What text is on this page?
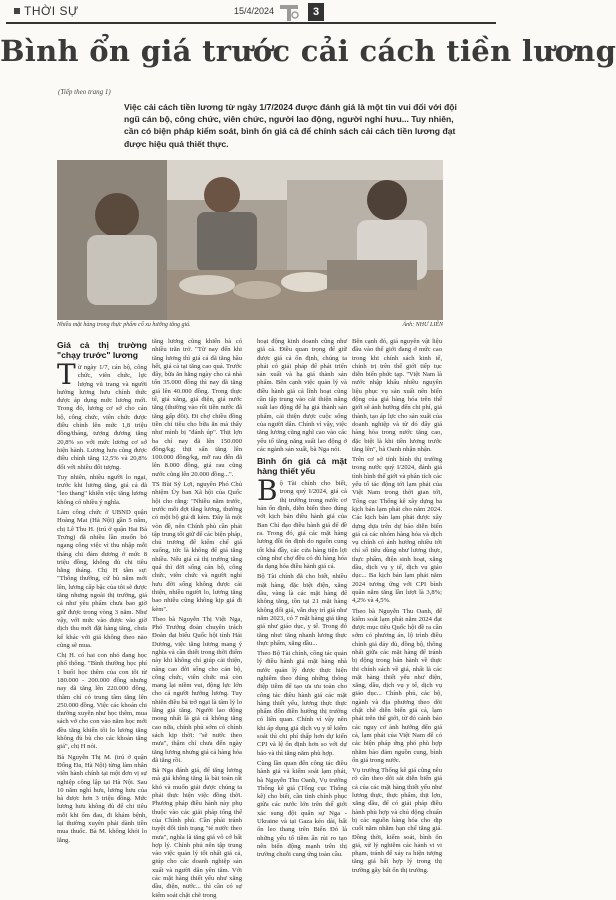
THỜI SỰ	15/4/2024	3
Bình ổn giá trước cải cách tiền lương
(Tiếp theo trang 1)
Việc cải cách tiền lương từ ngày 1/7/2024 được đánh giá là một tin vui đối với đội ngũ cán bộ, công chức, viên chức, người lao động, người nghỉ hưu... Tuy nhiên, cần có biện pháp kiểm soát, bình ổn giá cả để chính sách cải cách tiền lương đạt được hiệu quả thiết thực.
Nhiều mặt hàng trong thực phẩm cố xu hướng tăng giá.	Ảnh: NHƯ LIÊN
Giá cả thị trường "chạy trước" lương

Từ ngày 1/7, cán bộ, công chức, viên chức, lực lượng vũ trang và người hưởng lương hưu chính thức được áp dụng mức lương mới. Trong đó, lương cơ sở cho cán bộ, công chức, viên chức được điều chỉnh lên mức 1,8 triệu đồng/tháng, tương đương tăng 20,8% so với mức lương cơ sở hiện hành. Lương hưu cũng được điều chỉnh tăng 12,5% và 20,8% đối với nhiều đối tượng.

Tuy nhiên, nhiều người lo ngại, trước khi lương tăng, giá cả đã "leo thang" khiến việc tăng lương không có nhiều ý nghĩa.

Làm công chức ở UBND quận Hoàng Mai (Hà Nội) gần 5 năm, chị Lê Thu H. (trú ở quận Hai Bà Trưng) đã nhiều lần muốn bỏ ngang công việc vì thu nhập mỗi tháng chi đảm đương ở mức 8 triệu đồng, không đủ chi tiêu hằng tháng. Chị H tâm sự: "Thông thường, cứ bù năm mới lên, lương cấp bậc của tôi sẽ được tăng nhưng ngoài thị trường, giá cả như yêu phẩm chưa bao giờ giữ được trong vòng 3 năm. Như vậy, với mức vào được vào giờ dịch thu mới đặt hàng tăng, chưa kể khác với giá không theo nào cũng sẽ mua.

Chị H. có hai con nhỏ đang học phổ thông. "Bình thường học phí 1 buổi học thêm của con tôi từ 180.000 - 200.000 đồng nhưng nay đã tăng lên 220.000 đồng, thầm chí có trung tâm tăng lên 250.000 đồng. Việc các khoản chi thường xuyên như học thêm, mua sách vở cho con vào năm học mới đều tăng khiến tôi lo lương tăng không đủ bù cho các khoản tăng giá", chị H nói.

Bà Nguyễn Thị M. (trú ở quận Đống Đa, Hà Nội) từng làm nhân viên hành chính tại một đơn vị sự nghiệp công lập tại Hà Nội. Sau 10 năm nghỉ hưu, lương hưu của bà được hơn 3 triệu đồng. Mức lương hưu không đủ để chi tiêu mỗi khi ốm đau, đi khám bệnh, lại thường xuyên phải dành tiền mua thuốc. Bà M. không khỏi lo lắng.

tăng lương cũng khiến bà có nhiều trăn trở. "Từ nay đến khi tăng lương thì giá cả đã tăng hầu hết, giá cả tại tăng cao quá. Trước đây, bữa ăn hằng ngày cho cả nhà tốn 35.000 đồng thì nay đã tăng giá lên 40.000 đồng. Trong thực tế, giá xăng, giá điện, giá nước tăng (thường vào rồi tiền nước đã tăng gấp đôi). Đi chợ chiều đồng tiền chỉ tiêu cho bữa ăn mà thấy như mình bị "đánh úp". Thịt lợn ba chỉ nay đã lên 150.000 đồng/kg; thịt sấn tăng lên 100.000 đồng/kg, mỡ rau đến đã lên 8.000 đồng, giá rau cũng nước cũng lên 20.000 đồng...".

TS Bùi Sỹ Lợi, nguyên Phó Chủ nhiệm Ủy ban Xã hội của Quốc hội cho rằng: "Nhiều năm trước, trước mỗi đợt tăng lương, thường có một bộ giá đi kèm. Đây là một vòn đề, nên Chính phủ cần phải tập trung tốt giữ để các biện pháp, chủ trương để kiểm chế giá xuống, tức là không để giá tăng nhiều. Nếu giá cả thị trường tăng quá thì đời sống cán bộ, công chức, viên chức và người nghỉ hưu đời sống không được cải thiện, nhiều người lo, lương tăng bao nhiêu cũng không kịp giá đi kèm".

Theo bà Nguyễn Thị Việt Nga, Phó Trưởng đoàn chuyên trách Đoàn đại biểu Quốc hội tỉnh Hải Dương, việc tăng lương mang ý nghĩa và cần thiết trong thời điểm này khi không chỉ giúp cải thiện, nâng cao đời sống cho cán bộ, công chức, viên chức mà còn mang lại niềm vui, động lực lớn cho cả người hưởng lương. Tuy nhiên điều bà trở ngại là tâm lý lo lắng giá tăng. Người lao động mong nhất là giá cả không tăng cao nữa, chính phủ sớm có chính sách kịp thời: "sẽ nước theo mưa", thậm chí chưa đến ngày tăng lương nhưng giá cả hàng hóa đã tăng rồi.

Bà Nga đánh giá, để tăng lương mà giá không tăng là bài toán rất khó và muốn giải được chúng ta phải thực hiện việc đồng thời. Phương pháp điều hành này phụ thuộc vào các giải pháp tổng thể của Chính phủ. Cần phải tránh tuyệt đối tình trạng "té nước theo mưa", nghĩa là tăng giá vô cớ bất hợp lý. Chính phủ nên tập trung vào việc quản lý tốt nhất giá cả, giúp cho các doanh nghiệp sản xuất và người dân yên tâm. Với các mặt hàng thiết yếu như xăng dầu, điện, nước... thì cần có sự kiểm soát chặt chẽ trong

hoạt động kinh doanh cũng như giá cả. Điều quan trọng để giữ được giá cả ổn định, chúng ta phải có giải pháp để phát triển sản xuất và hạ giá thành sản phẩm. Bên cạnh việc quản lý và điều hành giá cả lĩnh hoạt cũng cần tập trung vào cải thiện năng suất lao động để hạ giá thành sản phẩm, cải thiện được cuộc sống của người dân. Chính vì vậy, việc tăng lương cũng nghĩ cao vào các yếu tố tăng năng suất lao động ở các ngành sản xuất, bà Nga nói.

Bình ổn giá cả mặt hàng thiết yếu

Bộ Tài chính cho biết, trong quý I/2024, giá cả thị trường trong nước cơ bản ổn định, diễn biến theo đúng với kịch bản điều hành giá của Ban Chỉ đạo điều hành giá để đề ra. Trong đó, giá các mặt hàng lương đồi ổn định do nguồn cung tốt khá đầy, các cửa hàng tiện lợi cũng như chợ đều có đủ hàng hóa đa dạng hóa điều hành giá cả.

Bộ Tài chính đã cho biết, nhiều mặt hàng, đặc biệt điện, xăng dầu, vàng là các mặt hàng để không tăng, tồn tại 21 mặt hàng không đổi giá, vẫn duy trì giá như năm 2023, có 7 mặt hàng giá tăng giá như giáo dục, y tế. Trong đó tăng như: tăng nhanh lương thực thực phẩm, xăng dầu...

Theo Bộ Tài chính, công tác quản lý điều hành giá mặt hàng nhà nước quản lý được thực hiện nghiêm theo đúng những thông điệp tiêm để tạo ưa ưu toàn cho công tác điều hành giá các mặt hàng thiết yếu, lương thực thực phẩm đồn điền hưởng thị trường có liên quan. Chính vì vậy nên khi áp dụng giá dịch vụ y tế kiểm soát thì chi phí thấp hơn dự kiến CPI và lệ ổn định hơn so với dự báo và thì tăng năm phù hợp.

Cùng lần quan đến công tác điều hành giá và kiểm soát lạm phát, bà Nguyễn Thu Oanh, Vụ trưởng Thống kê giá (Tổng cục Thống kê) cho biết, cần tỉnh chính phục giữa các nước lớn trên thế giới xác sung đột quân sự Nga - Ukraine và tại Gaza kéo dài, bất ổn leo thang trên Biển Đỏ là những yếu tố tiềm ẩn rủi ro tạo nên biến động mạnh trên thị trường chuỗi cung ứng toàn cầu.

Bên cạnh đó, giá nguyên vật liệu đầu vào thế giới đang ở mức cao trong khi chính sách kinh tế, chính trị trên thế giới tiếp tục diễn biến phức tạp. "Việt Nam là nước nhập khẩu nhiều nguyên liệu phục vụ sản xuất nên biến động của giá hàng hóa trên thế giới sẽ ảnh hưởng đến chi phí, giá thành, tạo áp lực cho sản xuất của doanh nghiệp và từ đó đẩy giá hàng hóa trong nước tăng cao, đặc biệt là khi tiền lương trước tăng lên", bà Oanh nhận nhận.

Trên cơ sở tính hình thị trường trong nước quý I/2024, đánh giá tình hình thế giới và phân tích các yếu tố tác động tới lạm phát của Việt Nam trong thời gian tới, Tổng cục Thống kê xây dựng ba kịch bản lạm phát cho năm 2024. Các kịch bản lạm phát được xây dựng dựa trên dự báo diễn biến giá cả các nhóm hàng hóa và dịch vụ chính có ảnh hưởng nhiều tới chỉ số tiêu dùng như lương thực, thực phẩm, điện sinh hoạt, xăng dầu, dịch vụ y tế, dịch vụ giáo dục... Ba kịch bản lạm phát năm 2024 tương ứng với CPI bình quân năm tăng lần lượt là 3,8%; 4,2% và 4,5%.

Theo bà Nguyễn Thu Oanh, để kiểm soát lạm phát năm 2024 đạt được mục tiêu Quốc hội đề ra cần sớm có phương án, lộ trình điều chỉnh giá đảy đủ, đồng bộ, thông nhất giữa các mặt hàng để tránh bị động trong bán hành về thực thi chính sách về giá, nhất là các mặt hàng thiết yếu như điện, xăng, dầu, dịch vụ y tế, dịch vụ giáo dục... Chính phủ, các bộ, ngành và địa phương theo dõi chặt chẽ diễn biến giá cả, lạm phát trên thế giới, từ đó cảnh báo các nguy cơ ảnh hưởng đến giá cả, lạm phát của Việt Nam để có các biện pháp ứng phó phù hợp nhằm bảo đảm nguồn cung, bình ổn giá trong nước.

Vụ trưởng Thống kê giá cũng nêu rõ cần theo dõi sát diễn biến giá cả của các mặt hàng thiết yếu như lương thực, thực phẩm, thịt lợn, xăng dầu, để có giải pháp điều hành phù hợp và chủ động chuẩn bị các nguồn hàng hóa cho dịp cuối năm nhằm hạn chế tăng giá. Đồng thời, kiểm soát, bình ổn giá, xử lý nghiêm các hành vi vi phạm, tránh để xảy ra hiện tượng tăng giá bất hợp lý trong thị trường gây bất ổn thị trường.
